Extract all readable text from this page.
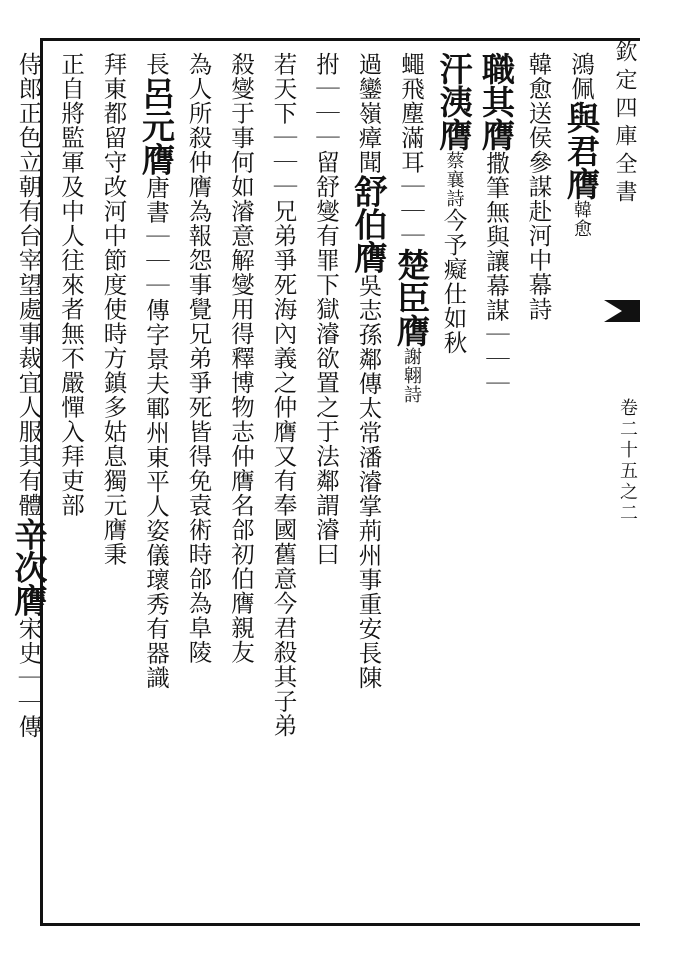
欽定四庫全書
卷二十五之二
鴻佩與君膺韓愈
韓愈送侯參謀赴河中幕詩
職其膺撒筆無與讓幕謀｜｜｜
汗洟膺蔡襄詩今予癡仕如秋
蠅飛塵滿耳｜｜｜楚臣膺謝翺詩
過鑾嶺瘴聞舒伯膺吳志孫鄰傳太常潘濬掌荊州事重安長陳
拊｜｜｜留舒燮有罪下獄濬欲置之于法鄰謂濬曰
若天下｜｜｜兄弟爭死海內義之仲膺又有奉國舊意今君殺其子弟
殺燮于事何如濬意解燮用得釋博物志仲膺名郃初伯膺親友
為人所殺仲膺為報怨事覺兄弟爭死皆得免袁術時郃為阜陵
長呂元膺唐書｜｜｜傳字景夫鄆州東平人姿儀瓌秀有器識
拜東都留守改河中節度使時方鎮多姑息獨元膺秉
正自將監軍及中人往來者無不嚴憚入拜吏部
侍郎正色立朝有台宰望處事裁宜人服其有體辛次膺宋史｜｜傳
